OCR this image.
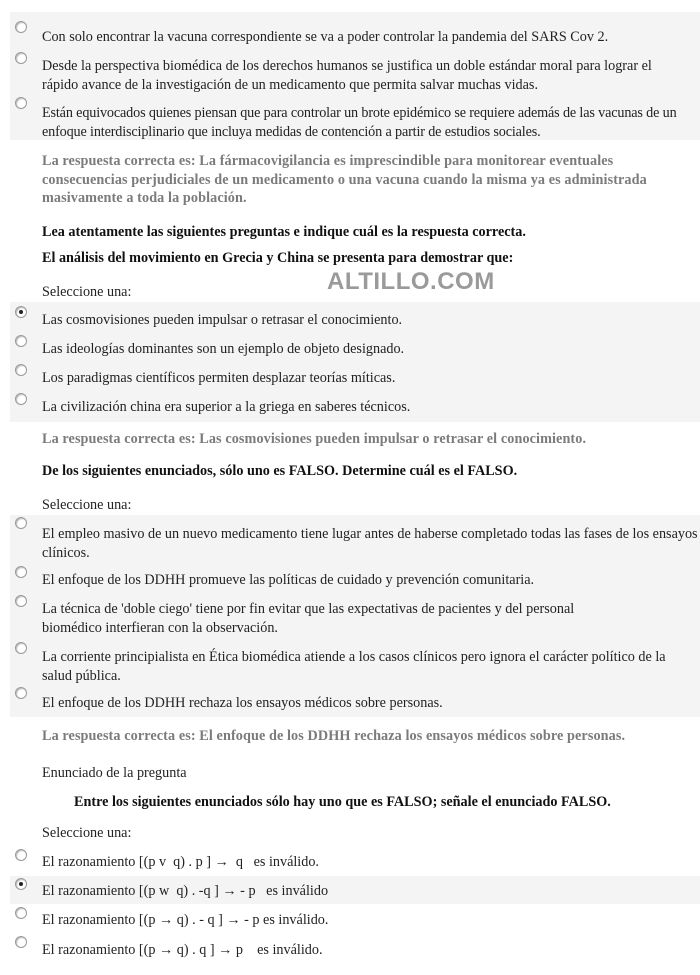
Con solo encontrar la vacuna correspondiente se va a poder controlar la pandemia del SARS Cov 2.
Desde la perspectiva biomédica de los derechos humanos se justifica un doble estándar moral para lograr el rápido avance de la investigación de un medicamento que permita salvar muchas vidas.
Están equivocados quienes piensan que para controlar un brote epidémico se requiere además de las vacunas de un enfoque interdisciplinario que incluya medidas de contención a partir de estudios sociales.
La respuesta correcta es: La fármacovigilancia es imprescindible para monitorear eventuales consecuencias perjudiciales de un medicamento o una vacuna cuando la misma ya es administrada masivamente a toda la población.
Lea atentamente las siguientes preguntas e indique cuál es la respuesta correcta.
El análisis del movimiento en Grecia y China se presenta para demostrar que:
ALTILLO.COM
Seleccione una:
Las cosmovisiones pueden impulsar o retrasar el conocimiento.
Las ideologías dominantes son un ejemplo de objeto designado.
Los paradigmas científicos permiten desplazar teorías míticas.
La civilización china era superior a la griega en saberes técnicos.
La respuesta correcta es: Las cosmovisiones pueden impulsar o retrasar el conocimiento.
De los siguientes enunciados, sólo uno es FALSO. Determine cuál es el FALSO.
Seleccione una:
El empleo masivo de un nuevo medicamento tiene lugar antes de haberse completado todas las fases de los ensayos clínicos.
El enfoque de los DDHH promueve las políticas de cuidado y prevención comunitaria.
La técnica de 'doble ciego' tiene por fin evitar que las expectativas de pacientes y del personal biomédico interfieran con la observación.
La corriente principialista en Ética biomédica atiende a los casos clínicos pero ignora el carácter político de la salud pública.
El enfoque de los DDHH rechaza los ensayos médicos sobre personas.
La respuesta correcta es: El enfoque de los DDHH rechaza los ensayos médicos sobre personas.
Enunciado de la pregunta
Entre los siguientes enunciados sólo hay uno que es FALSO; señale el enunciado FALSO.
Seleccione una:
El razonamiento [(p v  q) . p ] →  q   es inválido.
El razonamiento [(p w  q) . -q ] → - p   es inválido
El razonamiento [(p → q) . - q ] → - p es inválido.
El razonamiento [(p → q) . q ] → p    es inválido.
